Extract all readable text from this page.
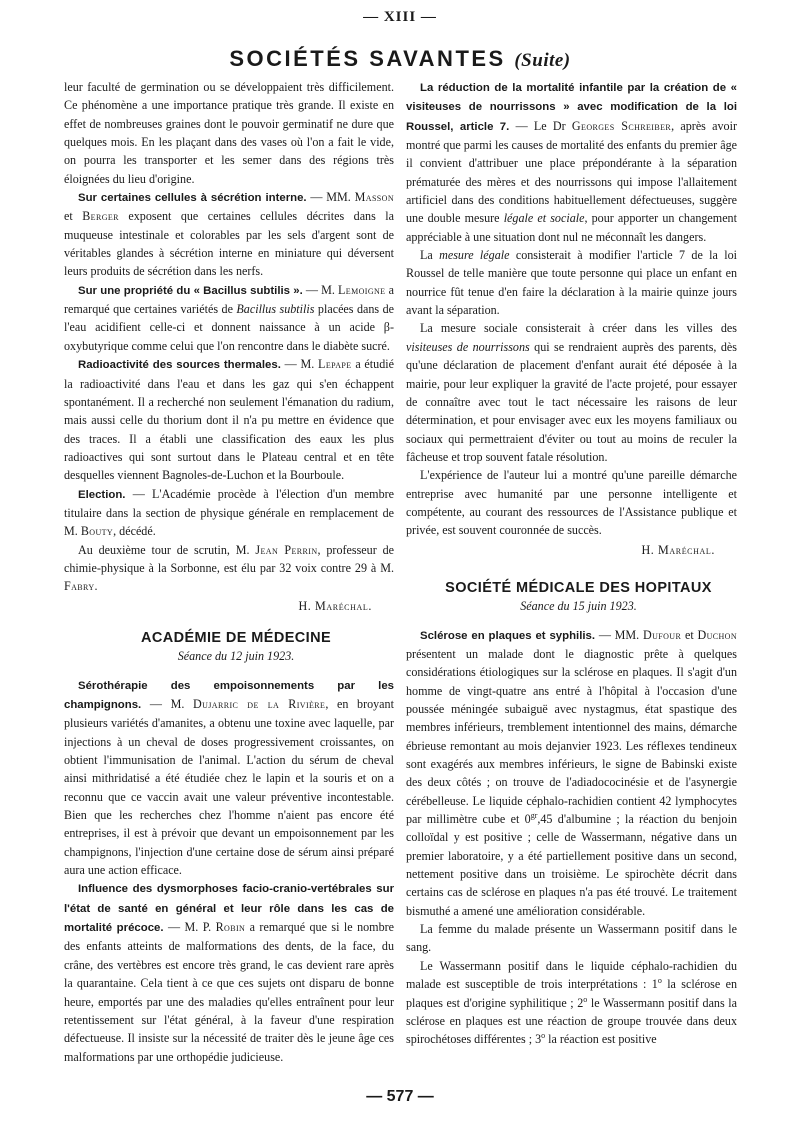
— XIII —
SOCIÉTÉS SAVANTES (Suite)

leur faculté de germination ou se développaient très difficilement. Ce phénomène a une importance pratique très grande. Il existe en effet de nombreuses graines dont le pouvoir germinatif ne dure que quelques mois. En les plaçant dans des vases où l'on a fait le vide, on pourra les transporter et les semer dans des régions très éloignées du lieu d'origine.

Sur certaines cellules à sécrétion interne. — MM. Masson et Berger exposent que certaines cellules décrites dans la muqueuse intestinale et colorables par les sels d'argent sont de véritables glandes à sécrétion interne en miniature qui déversent leurs produits de sécrétion dans les nerfs.

Sur une propriété du « Bacillus subtilis ». — M. Lemoigne a remarqué que certaines variétés de Bacillus subtilis placées dans de l'eau acidifient celle-ci et donnent naissance à un acide β-oxybutyrique comme celui que l'on rencontre dans le diabète sucré.

Radioactivité des sources thermales. — M. Lepape a étudié la radioactivité dans l'eau et dans les gaz qui s'en échappent spontanément. Il a recherché non seulement l'émanation du radium, mais aussi celle du thorium dont il n'a pu mettre en évidence que des traces. Il a établi une classification des eaux les plus radioactives qui sont surtout dans le Plateau central et en tête desquelles viennent Bagnoles-de-Luchon et la Bourboule.

Election. — L'Académie procède à l'élection d'un membre titulaire dans la section de physique générale en remplacement de M. Bouty, décédé.

Au deuxième tour de scrutin, M. Jean Perrin, professeur de chimie-physique à la Sorbonne, est élu par 32 voix contre 29 à M. Fabry.

H. Maréchal.

ACADÉMIE DE MÉDECINE

Séance du 12 juin 1923.

Sérothérapie des empoisonnements par les champignons. — M. Dujarric de la Rivière, en broyant plusieurs variétés d'amanites, a obtenu une toxine avec laquelle, par injections à un cheval de doses progressivement croissantes, on obtient l'immunisation de l'animal. L'action du sérum de cheval ainsi mithridatisé a été étudiée chez le lapin et la souris et on a reconnu que ce vaccin avait une valeur préventive incontestable. Bien que les recherches chez l'homme n'aient pas encore été entreprises, il est à prévoir que devant un empoisonnement par les champignons, l'injection d'une certaine dose de sérum ainsi préparé aura une action efficace.

Influence des dysmorphoses facio-cranio-vertébrales sur l'état de santé en général et leur rôle dans les cas de mortalité précoce. — M. P. Robin a remarqué que si le nombre des enfants atteints de malformations des dents, de la face, du crâne, des vertèbres est encore très grand, le cas devient rare après la quarantaine. Cela tient à ce que ces sujets ont disparu de bonne heure, emportés par une des maladies qu'elles entraînent pour leur retentissement sur l'état général, à la faveur d'une respiration défectueuse. Il insiste sur la nécessité de traiter dès le jeune âge ces malformations par une orthopédie judicieuse.

La réduction de la mortalité infantile par la création de « visiteuses de nourrissons » avec modification de la loi Roussel, article 7. — Le Dr Georges Schreiber, après avoir montré que parmi les causes de mortalité des enfants du premier âge il convient d'attribuer une place prépondérante à la séparation prématurée des mères et des nourrissons qui impose l'allaitement artificiel dans des conditions habituellement défectueuses, suggère une double mesure légale et sociale, pour apporter un changement appréciable à une situation dont nul ne méconnaît les dangers.

La mesure légale consisterait à modifier l'article 7 de la loi Roussel de telle manière que toute personne qui place un enfant en nourrice fût tenue d'en faire la déclaration à la mairie quinze jours avant la séparation.

La mesure sociale consisterait à créer dans les villes des visiteuses de nourrissons qui se rendraient auprès des parents, dès qu'une déclaration de placement d'enfant aurait été déposée à la mairie, pour leur expliquer la gravité de l'acte projeté, pour essayer de connaître avec tout le tact nécessaire les raisons de leur détermination, et pour envisager avec eux les moyens familiaux ou sociaux qui permettraient d'éviter ou tout au moins de reculer la fâcheuse et trop souvent fatale résolution.

L'expérience de l'auteur lui a montré qu'une pareille démarche entreprise avec humanité par une personne intelligente et compétente, au courant des ressources de l'Assistance publique et privée, est souvent couronnée de succès.

H. Maréchal.

SOCIÉTÉ MÉDICALE DES HOPITAUX

Séance du 15 juin 1923.

Sclérose en plaques et syphilis. — MM. Dufour et Duchon présentent un malade dont le diagnostic prête à quelques considérations étiologiques sur la sclérose en plaques. Il s'agit d'un homme de vingt-quatre ans entré à l'hôpital à l'occasion d'une poussée méningée subaiguë avec nystagmus, état spastique des membres inférieurs, tremblement intentionnel des mains, démarche ébrieuse remontant au mois dejanvier 1923. Les réflexes tendineux sont exagérés aux membres inférieurs, le signe de Babinski existe des deux côtés ; on trouve de l'adiadococinésie et de l'asynergie cérébelleuse. Le liquide céphalo-rachidien contient 42 lymphocytes par millimètre cube et $0^{gr},45$ d'albumine ; la réaction du benjoin colloïdal y est positive ; celle de Wassermann, négative dans un premier laboratoire, y a été partiellement positive dans un second, nettement positive dans un troisième. Le spirochète décrit dans certains cas de sclérose en plaques n'a pas été trouvé. Le traitement bismuthé a amené une amélioration considérable.

La femme du malade présente un Wassermann positif dans le sang.

Le Wassermann positif dans le liquide céphalo-rachidien du malade est susceptible de trois interprétations : 1$^o$ la sclérose en plaques est d'origine syphilitique ; 2$^o$ le Wassermann positif dans la sclérose en plaques est une réaction de groupe trouvée dans deux spirochétoses différentes ; 3$^o$ la réaction est positive

— 577 —
